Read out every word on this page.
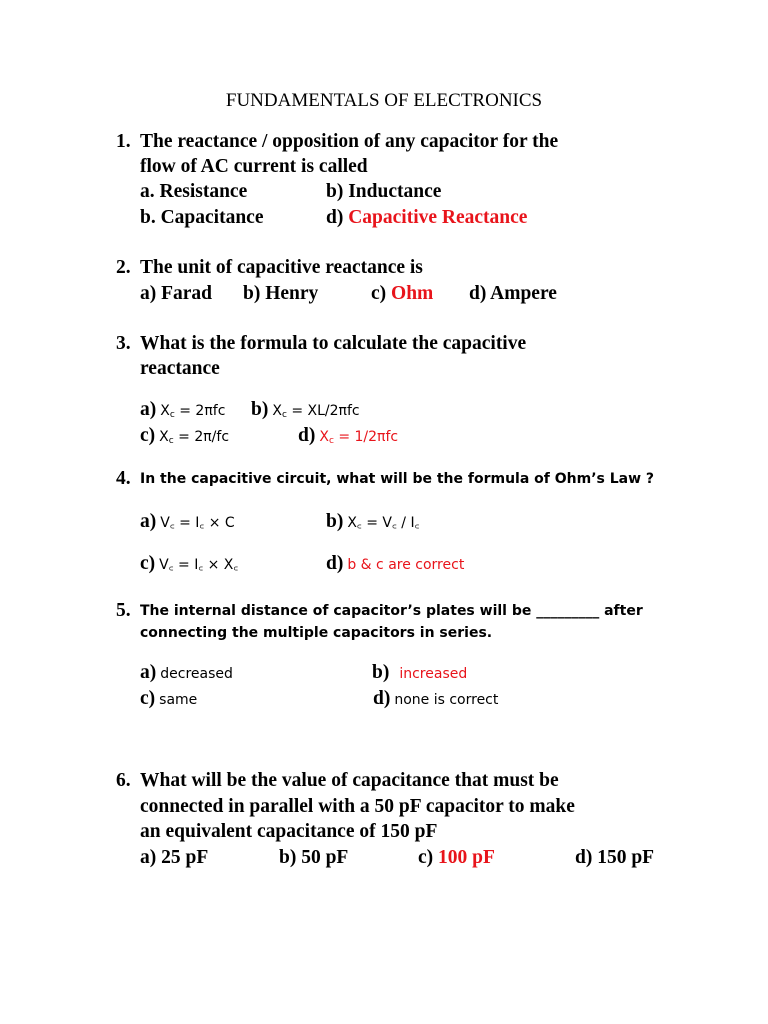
FUNDAMENTALS OF ELECTRONICS
1. The reactance / opposition of any capacitor for the
flow of AC current is called
a. Resistance	b) Inductance
b. Capacitance	d) Capacitive Reactance
2. The unit of capacitive reactance is
a) Farad b) Henry	c) Ohm d) Ampere
3. What is the formula to calculate the capacitive
reactance
a) $X_c = 2\pi fc$ b) $X_c = XL/2\pi fc$
c) $X_c = 2\pi/fc$	d) $X_c = 1/2\pi fc$
4. In the capacitive circuit, what will be the formula of Ohm’s Law ?
a) V꜀ = I꜀ × C	b) X꜀ = V꜀ / I꜀
c) V꜀ = I꜀ × X꜀	d) b & c are correct
5. The internal distance of capacitor’s plates will be _________ after
connecting the multiple capacitors in series.
a) decreased	b) increased
c) same	d) none is correct
6. What will be the value of capacitance that must be
connected in parallel with a 50 pF capacitor to make
an equivalent capacitance of 150 pF
a) 25 pF	b) 50 pF	c) 100 pF	d) 150 pF
